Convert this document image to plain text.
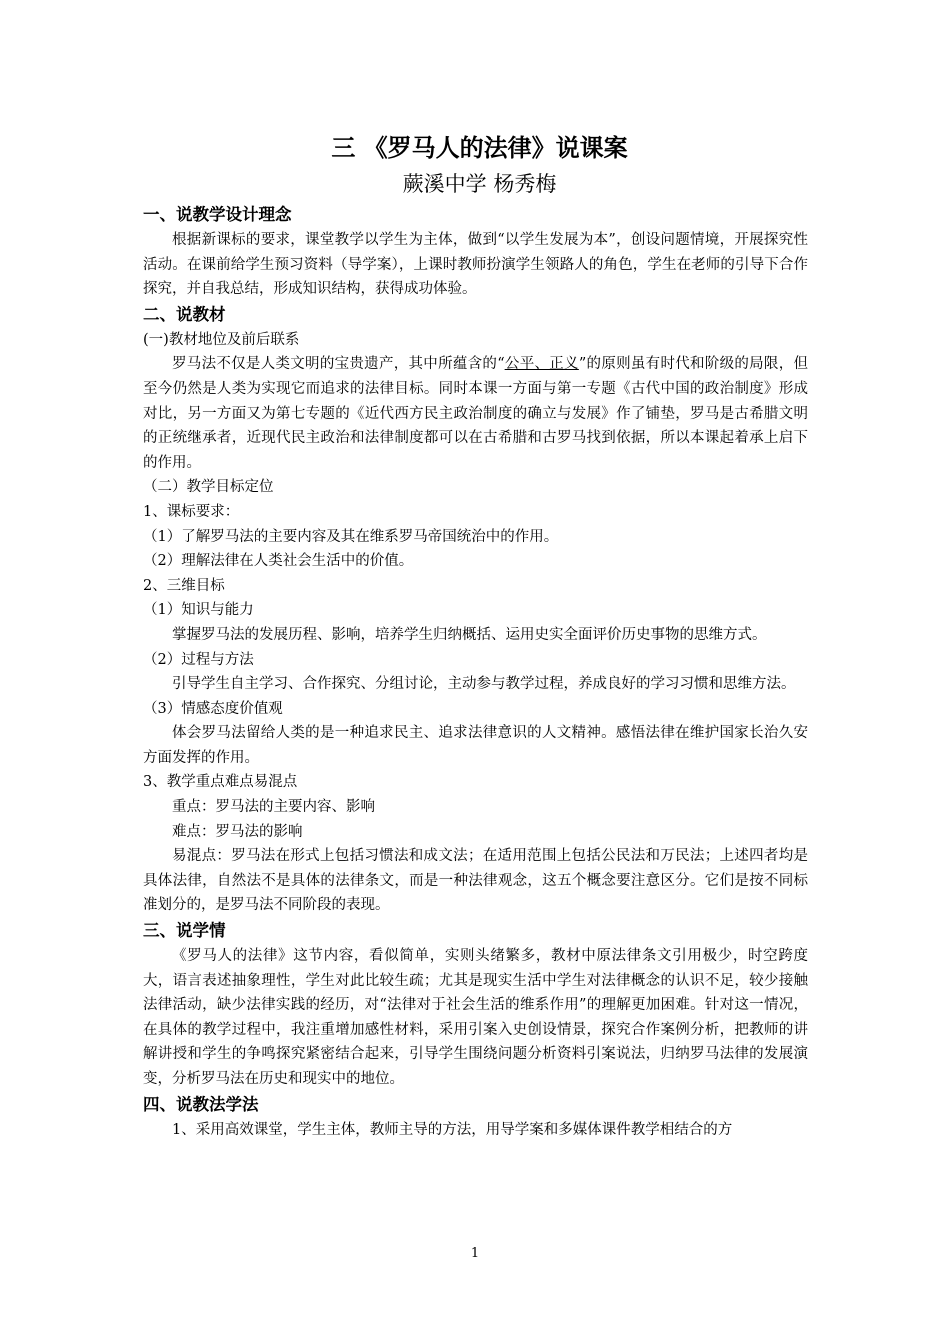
三 《罗马人的法律》说课案

蕨溪中学 杨秀梅

一、说教学设计理念

根据新课标的要求，课堂教学以学生为主体，做到“以学生发展为本”，创设问题情境，开展探究性活动。在课前给学生预习资料（导学案），上课时教师扮演学生领路人的角色，学生在老师的引导下合作探究，并自我总结，形成知识结构，获得成功体验。

二、说教材

(一)教材地位及前后联系

罗马法不仅是人类文明的宝贵遗产，其中所蕴含的“公平、正义”的原则虽有时代和阶级的局限，但至今仍然是人类为实现它而追求的法律目标。同时本课一方面与第一专题《古代中国的政治制度》形成对比，另一方面又为第七专题的《近代西方民主政治制度的确立与发展》作了铺垫，罗马是古希腊文明的正统继承者，近现代民主政治和法律制度都可以在古希腊和古罗马找到依据，所以本课起着承上启下的作用。

（二）教学目标定位

1、课标要求：

（1）了解罗马法的主要内容及其在维系罗马帝国统治中的作用。

（2）理解法律在人类社会生活中的价值。

2、三维目标

（1）知识与能力

掌握罗马法的发展历程、影响，培养学生归纳概括、运用史实全面评价历史事物的思维方式。

（2）过程与方法

引导学生自主学习、合作探究、分组讨论，主动参与教学过程，养成良好的学习习惯和思维方法。

（3）情感态度价值观

体会罗马法留给人类的是一种追求民主、追求法律意识的人文精神。感悟法律在维护国家长治久安方面发挥的作用。

3、教学重点难点易混点

重点：罗马法的主要内容、影响

难点：罗马法的影响

易混点：罗马法在形式上包括习惯法和成文法；在适用范围上包括公民法和万民法；上述四者均是具体法律，自然法不是具体的法律条文，而是一种法律观念，这五个概念要注意区分。它们是按不同标准划分的，是罗马法不同阶段的表现。

三、说学情

《罗马人的法律》这节内容，看似简单，实则头绪繁多，教材中原法律条文引用极少，时空跨度大，语言表述抽象理性，学生对此比较生疏；尤其是现实生活中学生对法律概念的认识不足，较少接触法律活动，缺少法律实践的经历，对“法律对于社会生活的维系作用”的理解更加困难。针对这一情况，在具体的教学过程中，我注重增加感性材料，采用引案入史创设情景，探究合作案例分析，把教师的讲解讲授和学生的争鸣探究紧密结合起来，引导学生围绕问题分析资料引案说法，归纳罗马法律的发展演变，分析罗马法在历史和现实中的地位。

四、说教法学法

1、采用高效课堂，学生主体，教师主导的方法，用导学案和多媒体课件教学相结合的方

1
